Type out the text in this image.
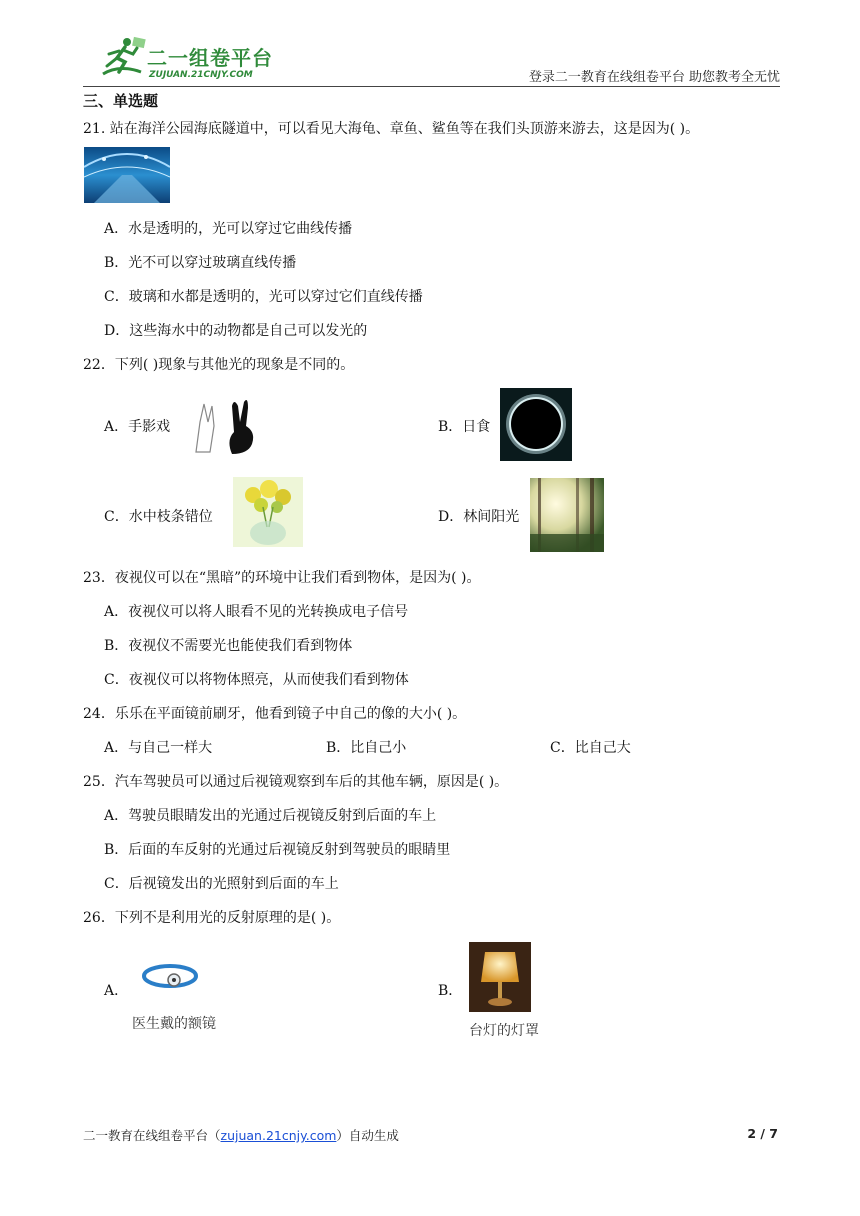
二一组卷平台
ZUJUAN.21CNJY.COM	登录二一教育在线组卷平台 助您教考全无忧
三、单选题
21. 站在海洋公园海底隧道中，可以看见大海龟、章鱼、鲨鱼等在我们头顶游来游去，这是因为( )。
A．水是透明的，光可以穿过它曲线传播
B．光不可以穿过玻璃直线传播
C．玻璃和水都是透明的，光可以穿过它们直线传播
D．这些海水中的动物都是自己可以发光的
22．下列( )现象与其他光的现象是不同的。
A．手影戏	B．日食
C．水中枝条错位	D．林间阳光
23．夜视仪可以在“黑暗”的环境中让我们看到物体，是因为( )。
A．夜视仪可以将人眼看不见的光转换成电子信号
B．夜视仪不需要光也能使我们看到物体
C．夜视仪可以将物体照亮，从而使我们看到物体
24．乐乐在平面镜前刷牙，他看到镜子中自己的像的大小( )。
A．与自己一样大	B．比自己小	C．比自己大
25．汽车驾驶员可以通过后视镜观察到车后的其他车辆，原因是( )。
A．驾驶员眼睛发出的光通过后视镜反射到后面的车上
B．后面的车反射的光通过后视镜反射到驾驶员的眼睛里
C．后视镜发出的光照射到后面的车上
26．下列不是利用光的反射原理的是( )。
A．
医生戴的额镜
B．
台灯的灯罩
二一教育在线组卷平台（zujuan.21cnjy.com）自动生成	2 / 7
